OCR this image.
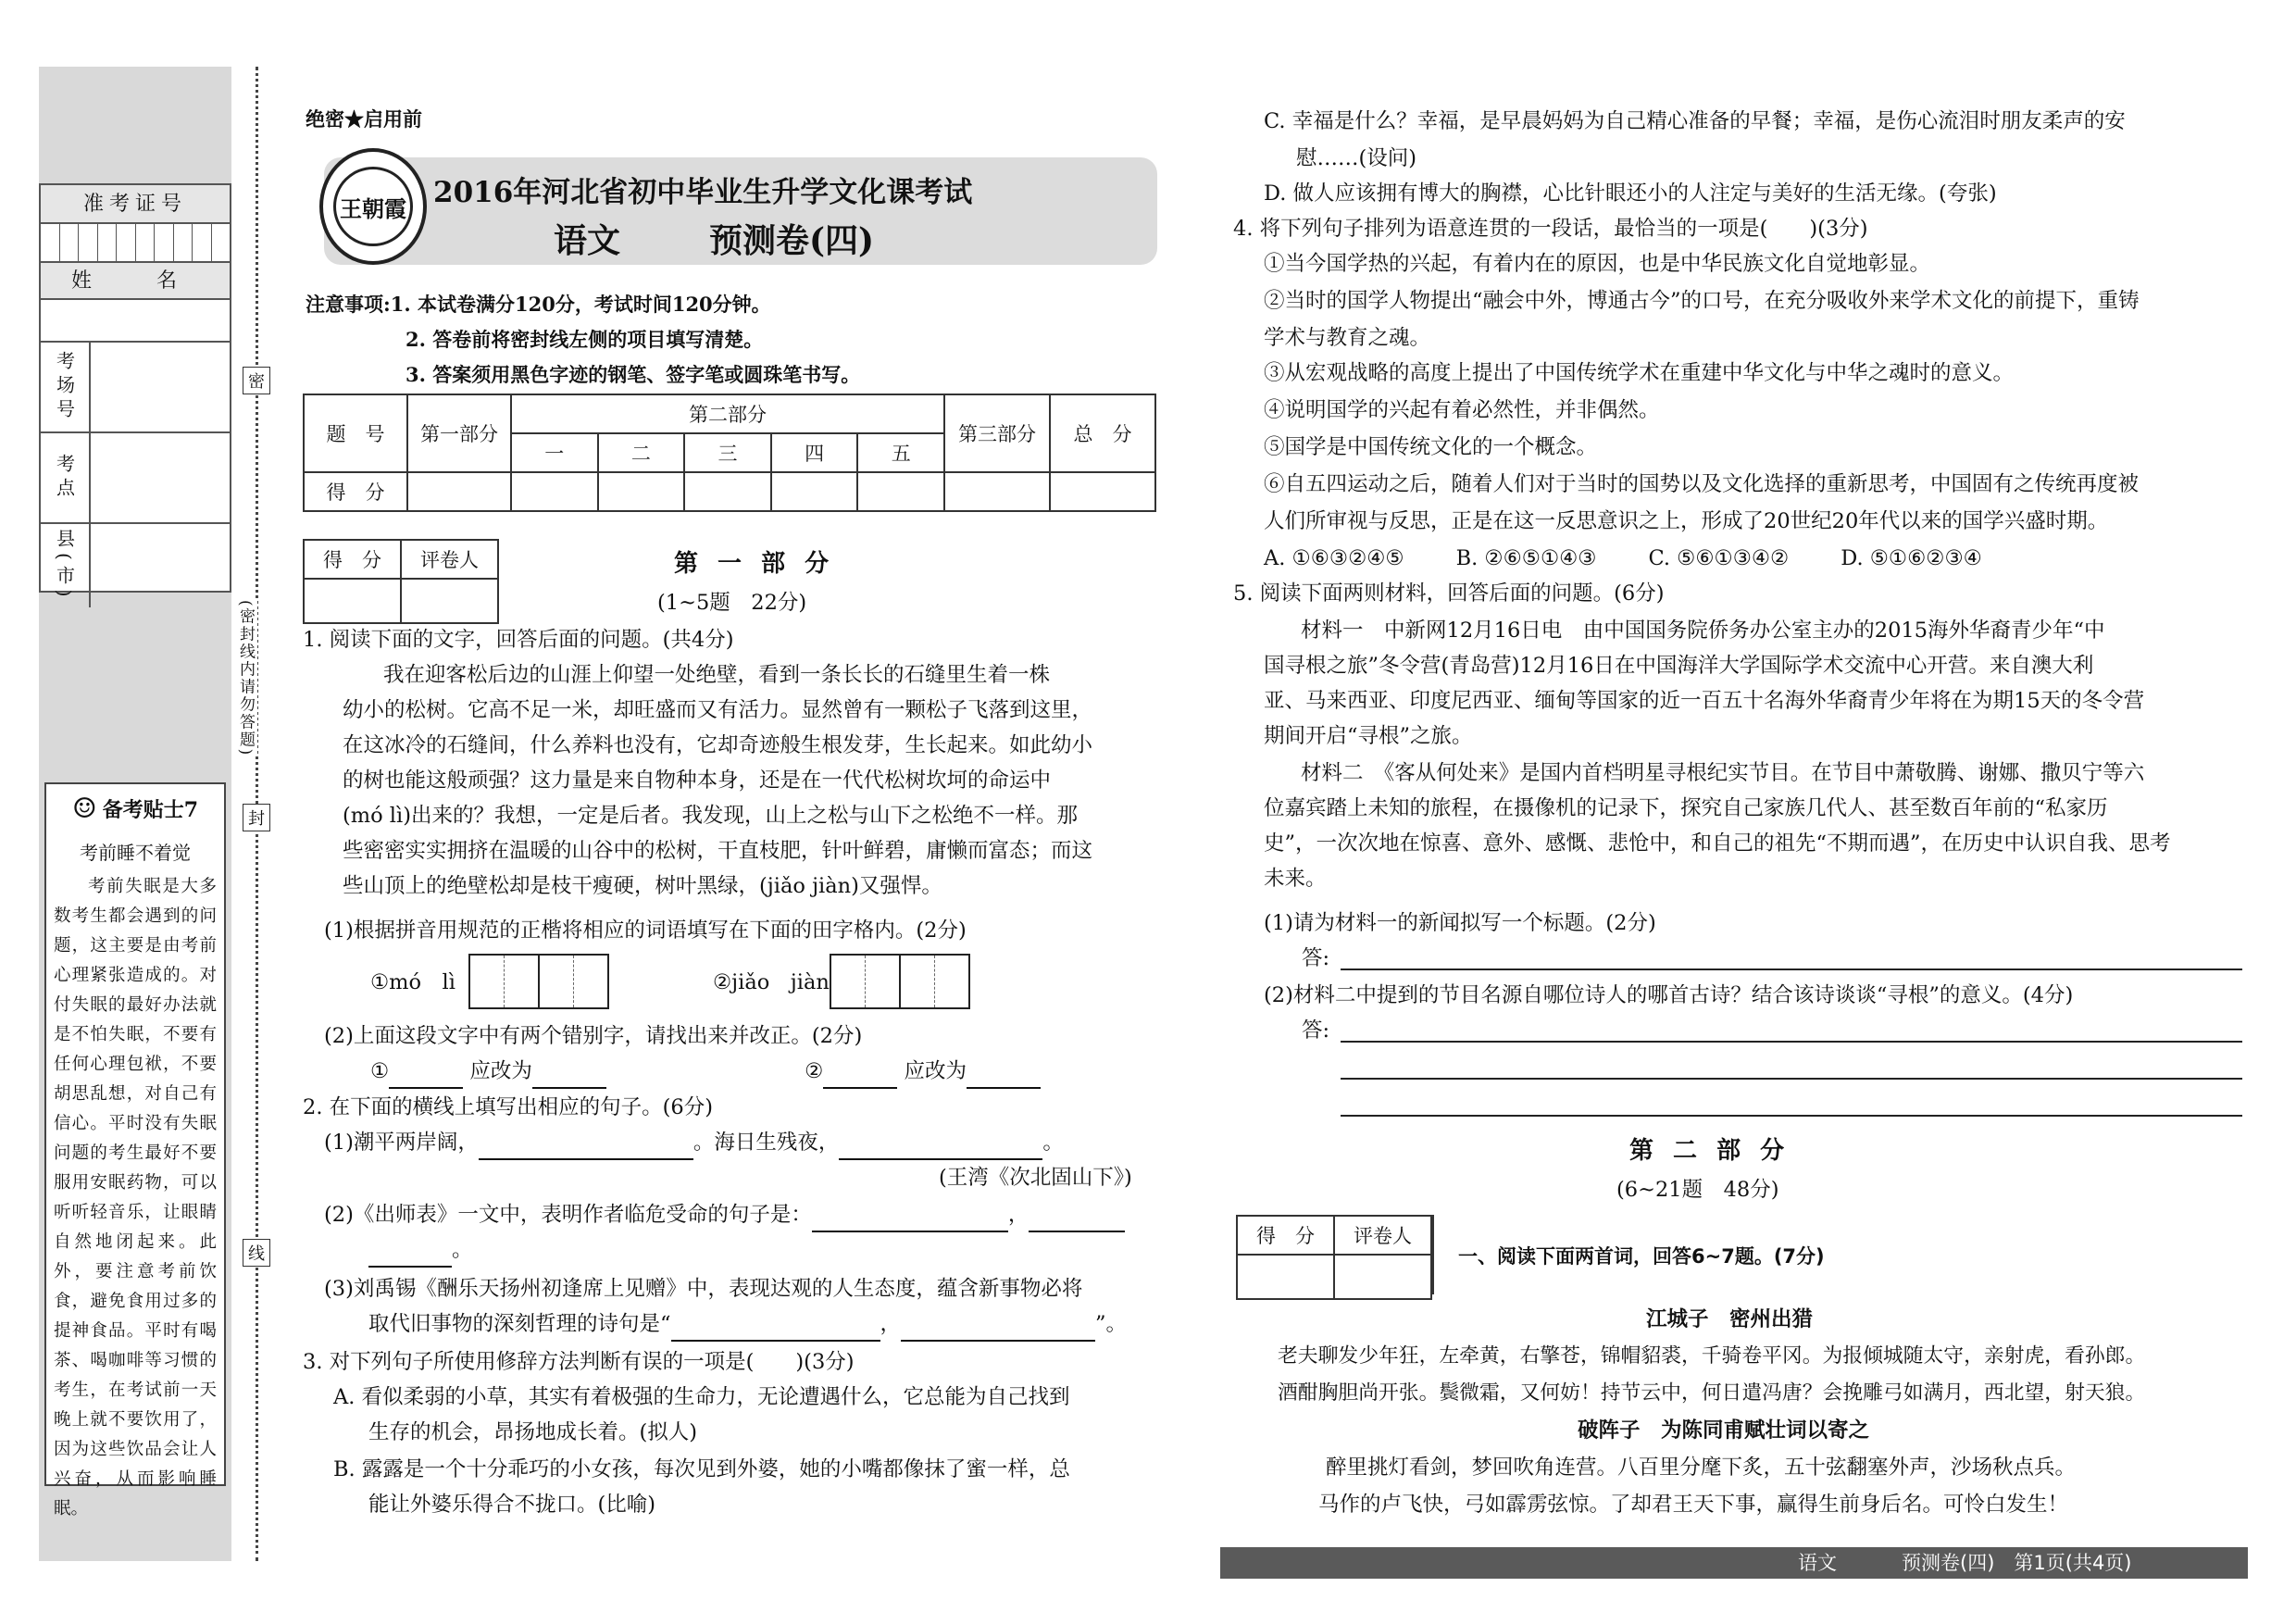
准考证号
姓　名
考场号
考点
县(市)
☺ 备考贴士7
考前睡不着觉
考前失眠是大多数考生都会遇到的问题，这主要是由考前心理紧张造成的。对付失眠的最好办法就是不怕失眠，不要有任何心理包袱，不要胡思乱想，对自己有信心。平时没有失眠问题的考生最好不要服用安眠药物，可以听听轻音乐，让眼睛自然地闭起来。此外，要注意考前饮食，避免食用过多的提神食品。平时有喝茶、喝咖啡等习惯的考生，在考试前一天晚上就不要饮用了，因为这些饮品会让人兴奋，从而影响睡眠。
密
封
线
(密封线内请勿答题)
绝密★启用前
王朝霞 2016年河北省初中毕业生升学文化课考试
语文	预测卷(四)
注意事项:1. 本试卷满分120分，考试时间120分钟。
2. 答卷前将密封线左侧的项目填写清楚。
3. 答案须用黑色字迹的钢笔、签字笔或圆珠笔书写。
题　号	第一部分	第二部分					第三部分	总　分
		一	二	三	四	五		
得　分								
得　分	评卷人
		第 一 部 分
(1~5题　22分)
1. 阅读下面的文字，回答后面的问题。(共4分)
我在迎客松后边的山涯上仰望一处绝壁，看到一条长长的石缝里生着一株
幼小的松树。它高不足一米，却旺盛而又有活力。显然曾有一颗松子飞落到这里，
在这冰冷的石缝间，什么养料也没有，它却奇迹般生根发芽，生长起来。如此幼小
的树也能这般顽强？这力量是来自物种本身，还是在一代代松树坎坷的命运中
(mó lì)出来的？我想，一定是后者。我发现，山上之松与山下之松绝不一样。那
些密密实实拥挤在温暖的山谷中的松树，干直枝肥，针叶鲜碧，庸懒而富态；而这
些山顶上的绝壁松却是枝干瘦硬，树叶黑绿，(jiǎo jiàn)又强悍。
(1)根据拼音用规范的正楷将相应的词语填写在下面的田字格内。(2分)
①mó　lì	②jiǎo　jiàn
(2)上面这段文字中有两个错别字，请找出来并改正。(2分)
①	应改为	②	应改为
2. 在下面的横线上填写出相应的句子。(6分)
(1)潮平两岸阔，	。海日生残夜，	。
(王湾《次北固山下》)
(2)《出师表》一文中，表明作者临危受命的句子是：	，
。
(3)刘禹锡《酬乐天扬州初逢席上见赠》中，表现达观的人生态度，蕴含新事物必将
取代旧事物的深刻哲理的诗句是“	，	”。
3. 对下列句子所使用修辞方法判断有误的一项是(　　)(3分)
A. 看似柔弱的小草，其实有着极强的生命力，无论遭遇什么，它总能为自己找到
生存的机会，昂扬地成长着。(拟人)
B. 露露是一个十分乖巧的小女孩，每次见到外婆，她的小嘴都像抹了蜜一样，总
能让外婆乐得合不拢口。(比喻)
C. 幸福是什么？幸福，是早晨妈妈为自己精心准备的早餐；幸福，是伤心流泪时朋友柔声的安
慰……(设问)
D. 做人应该拥有博大的胸襟，心比针眼还小的人注定与美好的生活无缘。(夸张)
4. 将下列句子排列为语意连贯的一段话，最恰当的一项是(　　)(3分)
①当今国学热的兴起，有着内在的原因，也是中华民族文化自觉地彰显。
②当时的国学人物提出“融会中外，博通古今”的口号，在充分吸收外来学术文化的前提下，重铸
学术与教育之魂。
③从宏观战略的高度上提出了中国传统学术在重建中华文化与中华之魂时的意义。
④说明国学的兴起有着必然性，并非偶然。
⑤国学是中国传统文化的一个概念。
⑥自五四运动之后，随着人们对于当时的国势以及文化选择的重新思考，中国固有之传统再度被
人们所审视与反思，正是在这一反思意识之上，形成了20世纪20年代以来的国学兴盛时期。
A. ①⑥③②④⑤ B. ②⑥⑤①④③ C. ⑤⑥①③④② D. ⑤①⑥②③④
5. 阅读下面两则材料，回答后面的问题。(6分)
材料一　中新网12月16日电　由中国国务院侨务办公室主办的2015海外华裔青少年“中
国寻根之旅”冬令营(青岛营)12月16日在中国海洋大学国际学术交流中心开营。来自澳大利
亚、马来西亚、印度尼西亚、缅甸等国家的近一百五十名海外华裔青少年将在为期15天的冬令营
期间开启“寻根”之旅。
材料二　《客从何处来》是国内首档明星寻根纪实节目。在节目中萧敬腾、谢娜、撒贝宁等六
位嘉宾踏上未知的旅程，在摄像机的记录下，探究自己家族几代人、甚至数百年前的“私家历
史”，一次次地在惊喜、意外、感慨、悲怆中，和自己的祖先“不期而遇”，在历史中认识自我、思考
未来。
(1)请为材料一的新闻拟写一个标题。(2分)
答:
(2)材料二中提到的节目名源自哪位诗人的哪首古诗？结合该诗谈谈“寻根”的意义。(4分)
答:
第 二 部 分
(6~21题　48分)
得　分	评卷人

一、阅读下面两首词，回答6~7题。(7分)
江城子　密州出猎
老夫聊发少年狂，左牵黄，右擎苍，锦帽貂裘，千骑卷平冈。为报倾城随太守，亲射虎，看孙郎。
酒酣胸胆尚开张。鬓微霜，又何妨！持节云中，何日遣冯唐？会挽雕弓如满月，西北望，射天狼。
破阵子　为陈同甫赋壮词以寄之
醉里挑灯看剑，梦回吹角连营。八百里分麾下炙，五十弦翻塞外声，沙场秋点兵。
马作的卢飞快，弓如霹雳弦惊。了却君王天下事，赢得生前身后名。可怜白发生！
语文	预测卷(四)　 第1页(共4页)
